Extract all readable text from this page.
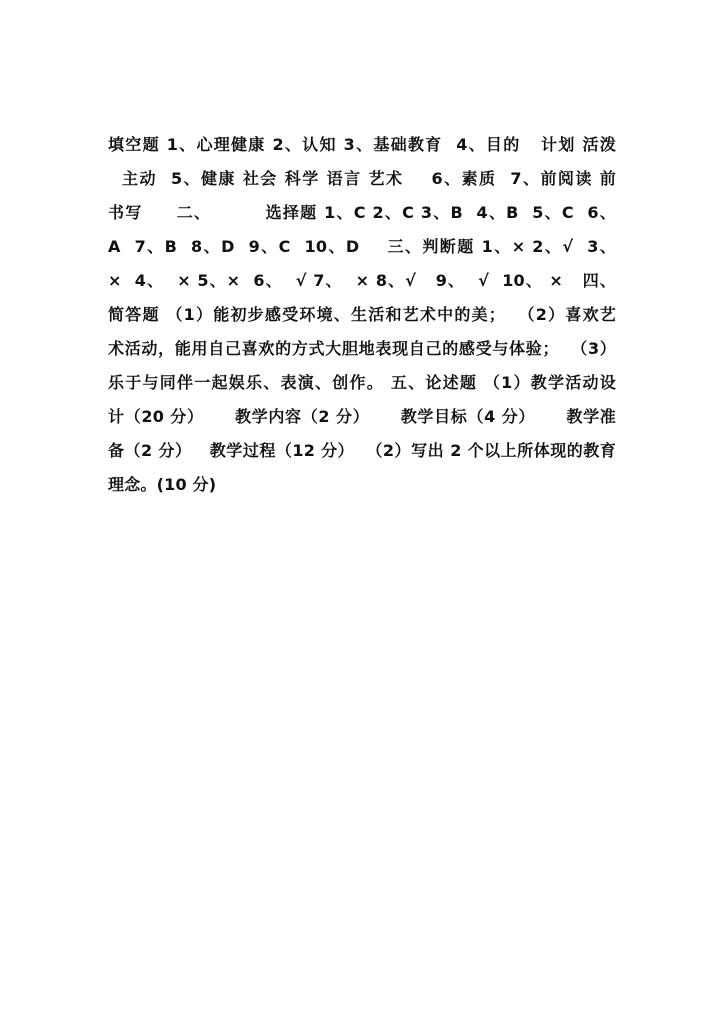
填空题 1、心理健康 2、认知 3、基础教育  4、目的   计划 活泼
主动  5、健康 社会 科学 语言 艺术    6、素质  7、前阅读 前
书写     二、        选择题 1、C 2、C 3、B  4、B  5、C  6、
A  7、B  8、D  9、C  10、D    三、判断题 1、× 2、√  3、
×  4、  × 5、×  6、  √ 7、  × 8、√   9、  √  10、 ×   四、
简答题 （1）能初步感受环境、生活和艺术中的美；  （2）喜欢艺
术活动，能用自己喜欢的方式大胆地表现自己的感受与体验；  （3）
乐于与同伴一起娱乐、表演、创作。 五、论述题 （1）教学活动设
计（20 分）     教学内容（2 分）     教学目标（4 分）     教学准
备（2 分）   教学过程（12 分）  （2）写出 2 个以上所体现的教育
理念。(10 分)
